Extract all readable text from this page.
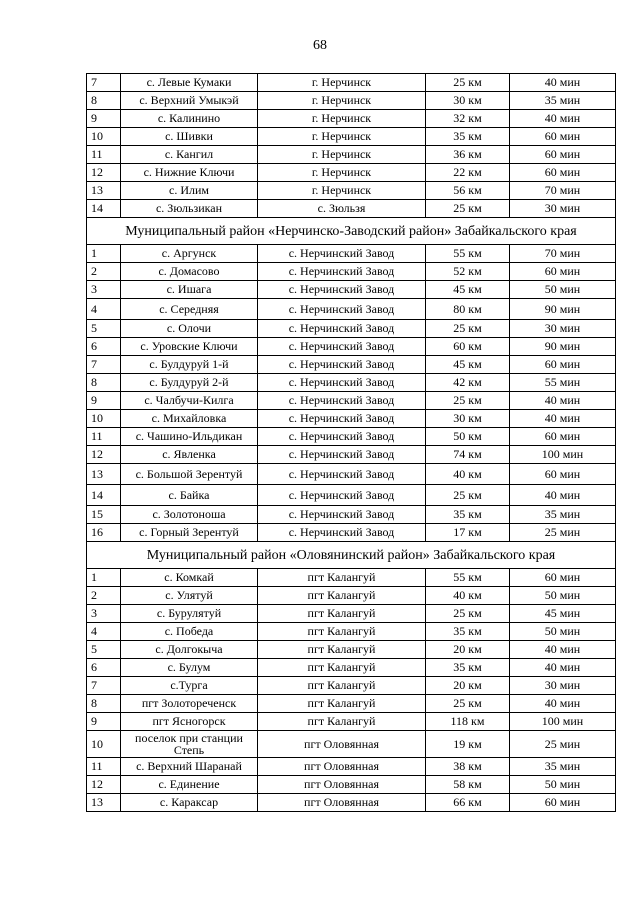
68
7	с. Левые Кумаки	г. Нерчинск	25 км	40 мин
8	с. Верхний Умыкэй	г. Нерчинск	30 км	35 мин
9	с. Калинино	г. Нерчинск	32 км	40 мин
10	с. Шивки	г. Нерчинск	35 км	60 мин
11	с. Кангил	г. Нерчинск	36 км	60 мин
12	с. Нижние Ключи	г. Нерчинск	22 км	60 мин
13	с. Илим	г. Нерчинск	56 км	70 мин
14	с. Зюльзикан	с. Зюльзя	25 км	30 мин
Муниципальный район «Нерчинско-Заводский район» Забайкальского края				
1	с. Аргунск	с. Нерчинский Завод	55 км	70 мин
2	с. Домасово	с. Нерчинский Завод	52 км	60 мин
3	с. Ишага	с. Нерчинский Завод	45 км	50 мин
4	с. Середняя	с. Нерчинский Завод	80 км	90 мин
5	с. Олочи	с. Нерчинский Завод	25 км	30 мин
6	с. Уровские Ключи	с. Нерчинский Завод	60 км	90 мин
7	с. Булдуруй 1-й	с. Нерчинский Завод	45 км	60 мин
8	с. Булдуруй 2-й	с. Нерчинский Завод	42 км	55 мин
9	с. Чалбучи-Килга	с. Нерчинский Завод	25 км	40 мин
10	с. Михайловка	с. Нерчинский Завод	30 км	40 мин
11	с. Чашино-Ильдикан	с. Нерчинский Завод	50 км	60 мин
12	с. Явленка	с. Нерчинский Завод	74 км	100 мин
13	с. Большой Зерентуй	с. Нерчинский Завод	40 км	60 мин
14	с. Байка	с. Нерчинский Завод	25 км	40 мин
15	с. Золотоноша	с. Нерчинский Завод	35 км	35 мин
16	с. Горный Зерентуй	с. Нерчинский Завод	17 км	25 мин
Муниципальный район «Оловянинский район» Забайкальского края				
1	с. Комкай	пгт Калангуй	55 км	60 мин
2	с. Улятуй	пгт Калангуй	40 км	50 мин
3	с. Бурулятуй	пгт Калангуй	25 км	45 мин
4	с. Победа	пгт Калангуй	35 км	50 мин
5	с. Долгокыча	пгт Калангуй	20 км	40 мин
6	с. Булум	пгт Калангуй	35 км	40 мин
7	с.Турга	пгт Калангуй	20 км	30 мин
8	пгт Золотореченск	пгт Калангуй	25 км	40 мин
9	пгт Ясногорск	пгт Калангуй	118 км	100 мин
10	поселок при станции Степь	пгт Оловянная	19 км	25 мин
11	с. Верхний Шаранай	пгт Оловянная	38 км	35 мин
12	с. Единение	пгт Оловянная	58 км	50 мин
13	с. Караксар	пгт Оловянная	66 км	60 мин
